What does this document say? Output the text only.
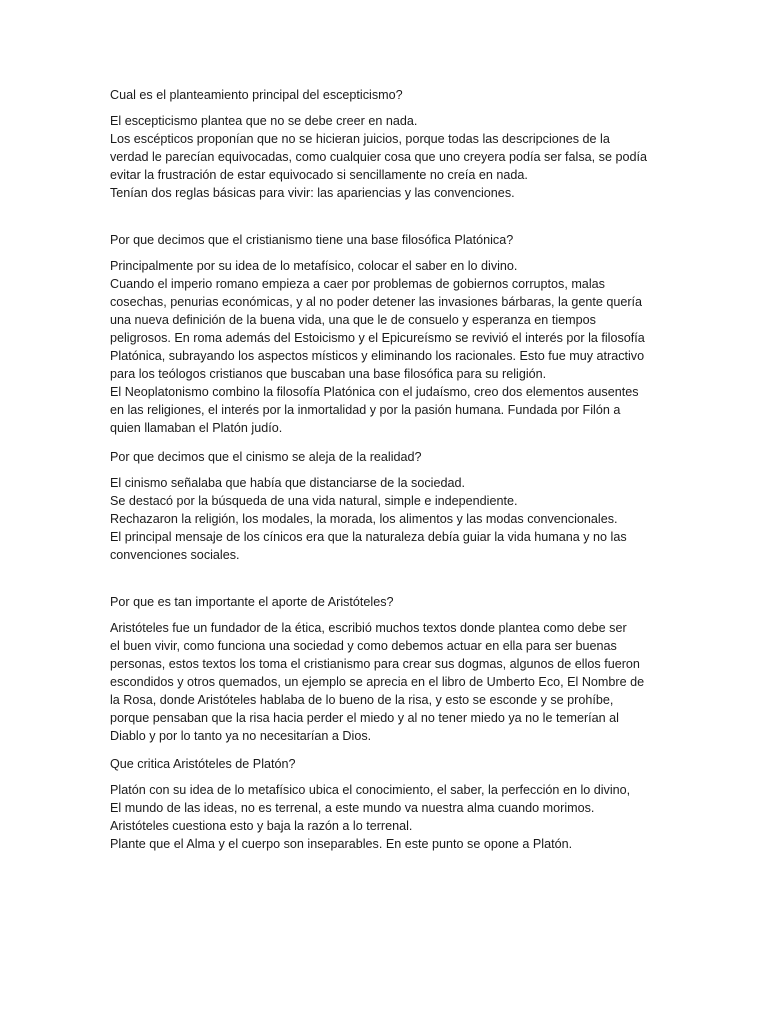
Cual es el planteamiento principal del escepticismo?

El escepticismo plantea que no se debe creer en nada.
Los escépticos proponían que no se hicieran juicios, porque todas las descripciones de la
verdad le parecían equivocadas, como cualquier cosa que uno creyera podía ser falsa, se podía
evitar la frustración de estar equivocado si sencillamente no creía en nada.
Tenían dos reglas básicas para vivir: las apariencias y las convenciones.

Por que decimos que el cristianismo tiene una base filosófica Platónica?

Principalmente por su idea de lo metafísico, colocar el saber en lo divino.
Cuando el imperio romano empieza a caer por problemas de gobiernos corruptos, malas
cosechas, penurias económicas, y al no poder detener las invasiones bárbaras, la gente quería
una nueva definición de la buena vida, una que le de consuelo y esperanza en tiempos
peligrosos. En roma además del Estoicismo y el Epicureísmo se revivió el interés por la filosofía
Platónica, subrayando los aspectos místicos y eliminando los racionales. Esto fue muy atractivo
para los teólogos cristianos que buscaban una base filosófica para su religión.
El Neoplatonismo combino la filosofía Platónica con el judaísmo, creo dos elementos ausentes
en las religiones, el interés por la inmortalidad y por la pasión humana. Fundada por Filón a
quien llamaban el Platón judío.

Por que decimos que el cinismo se aleja de la realidad?

El cinismo señalaba que había que distanciarse de la sociedad.
Se destacó por la búsqueda de una vida natural, simple e independiente.
Rechazaron la religión, los modales, la morada, los alimentos y las modas convencionales.
El principal mensaje de los cínicos era que la naturaleza debía guiar la vida humana y no las
convenciones sociales.

Por que es tan importante el aporte de Aristóteles?

Aristóteles fue un fundador de la ética, escribió muchos textos donde plantea como debe ser
el buen vivir, como funciona una sociedad y como debemos actuar en ella para ser buenas
personas, estos textos los toma el cristianismo para crear sus dogmas, algunos de ellos fueron
escondidos y otros quemados, un ejemplo se aprecia en el libro de Umberto Eco, El Nombre de
la Rosa, donde Aristóteles hablaba de lo bueno de la risa, y esto se esconde y se prohíbe,
porque pensaban que la risa hacia perder el miedo y al no tener miedo ya no le temerían al
Diablo y por lo tanto ya no necesitarían a Dios.

Que critica Aristóteles de Platón?

Platón con su idea de lo metafísico ubica el conocimiento, el saber, la perfección en lo divino,
El mundo de las ideas, no es terrenal, a este mundo va nuestra alma cuando morimos.
Aristóteles cuestiona esto y baja la razón a lo terrenal.
Plante que el Alma y el cuerpo son inseparables. En este punto se opone a Platón.
